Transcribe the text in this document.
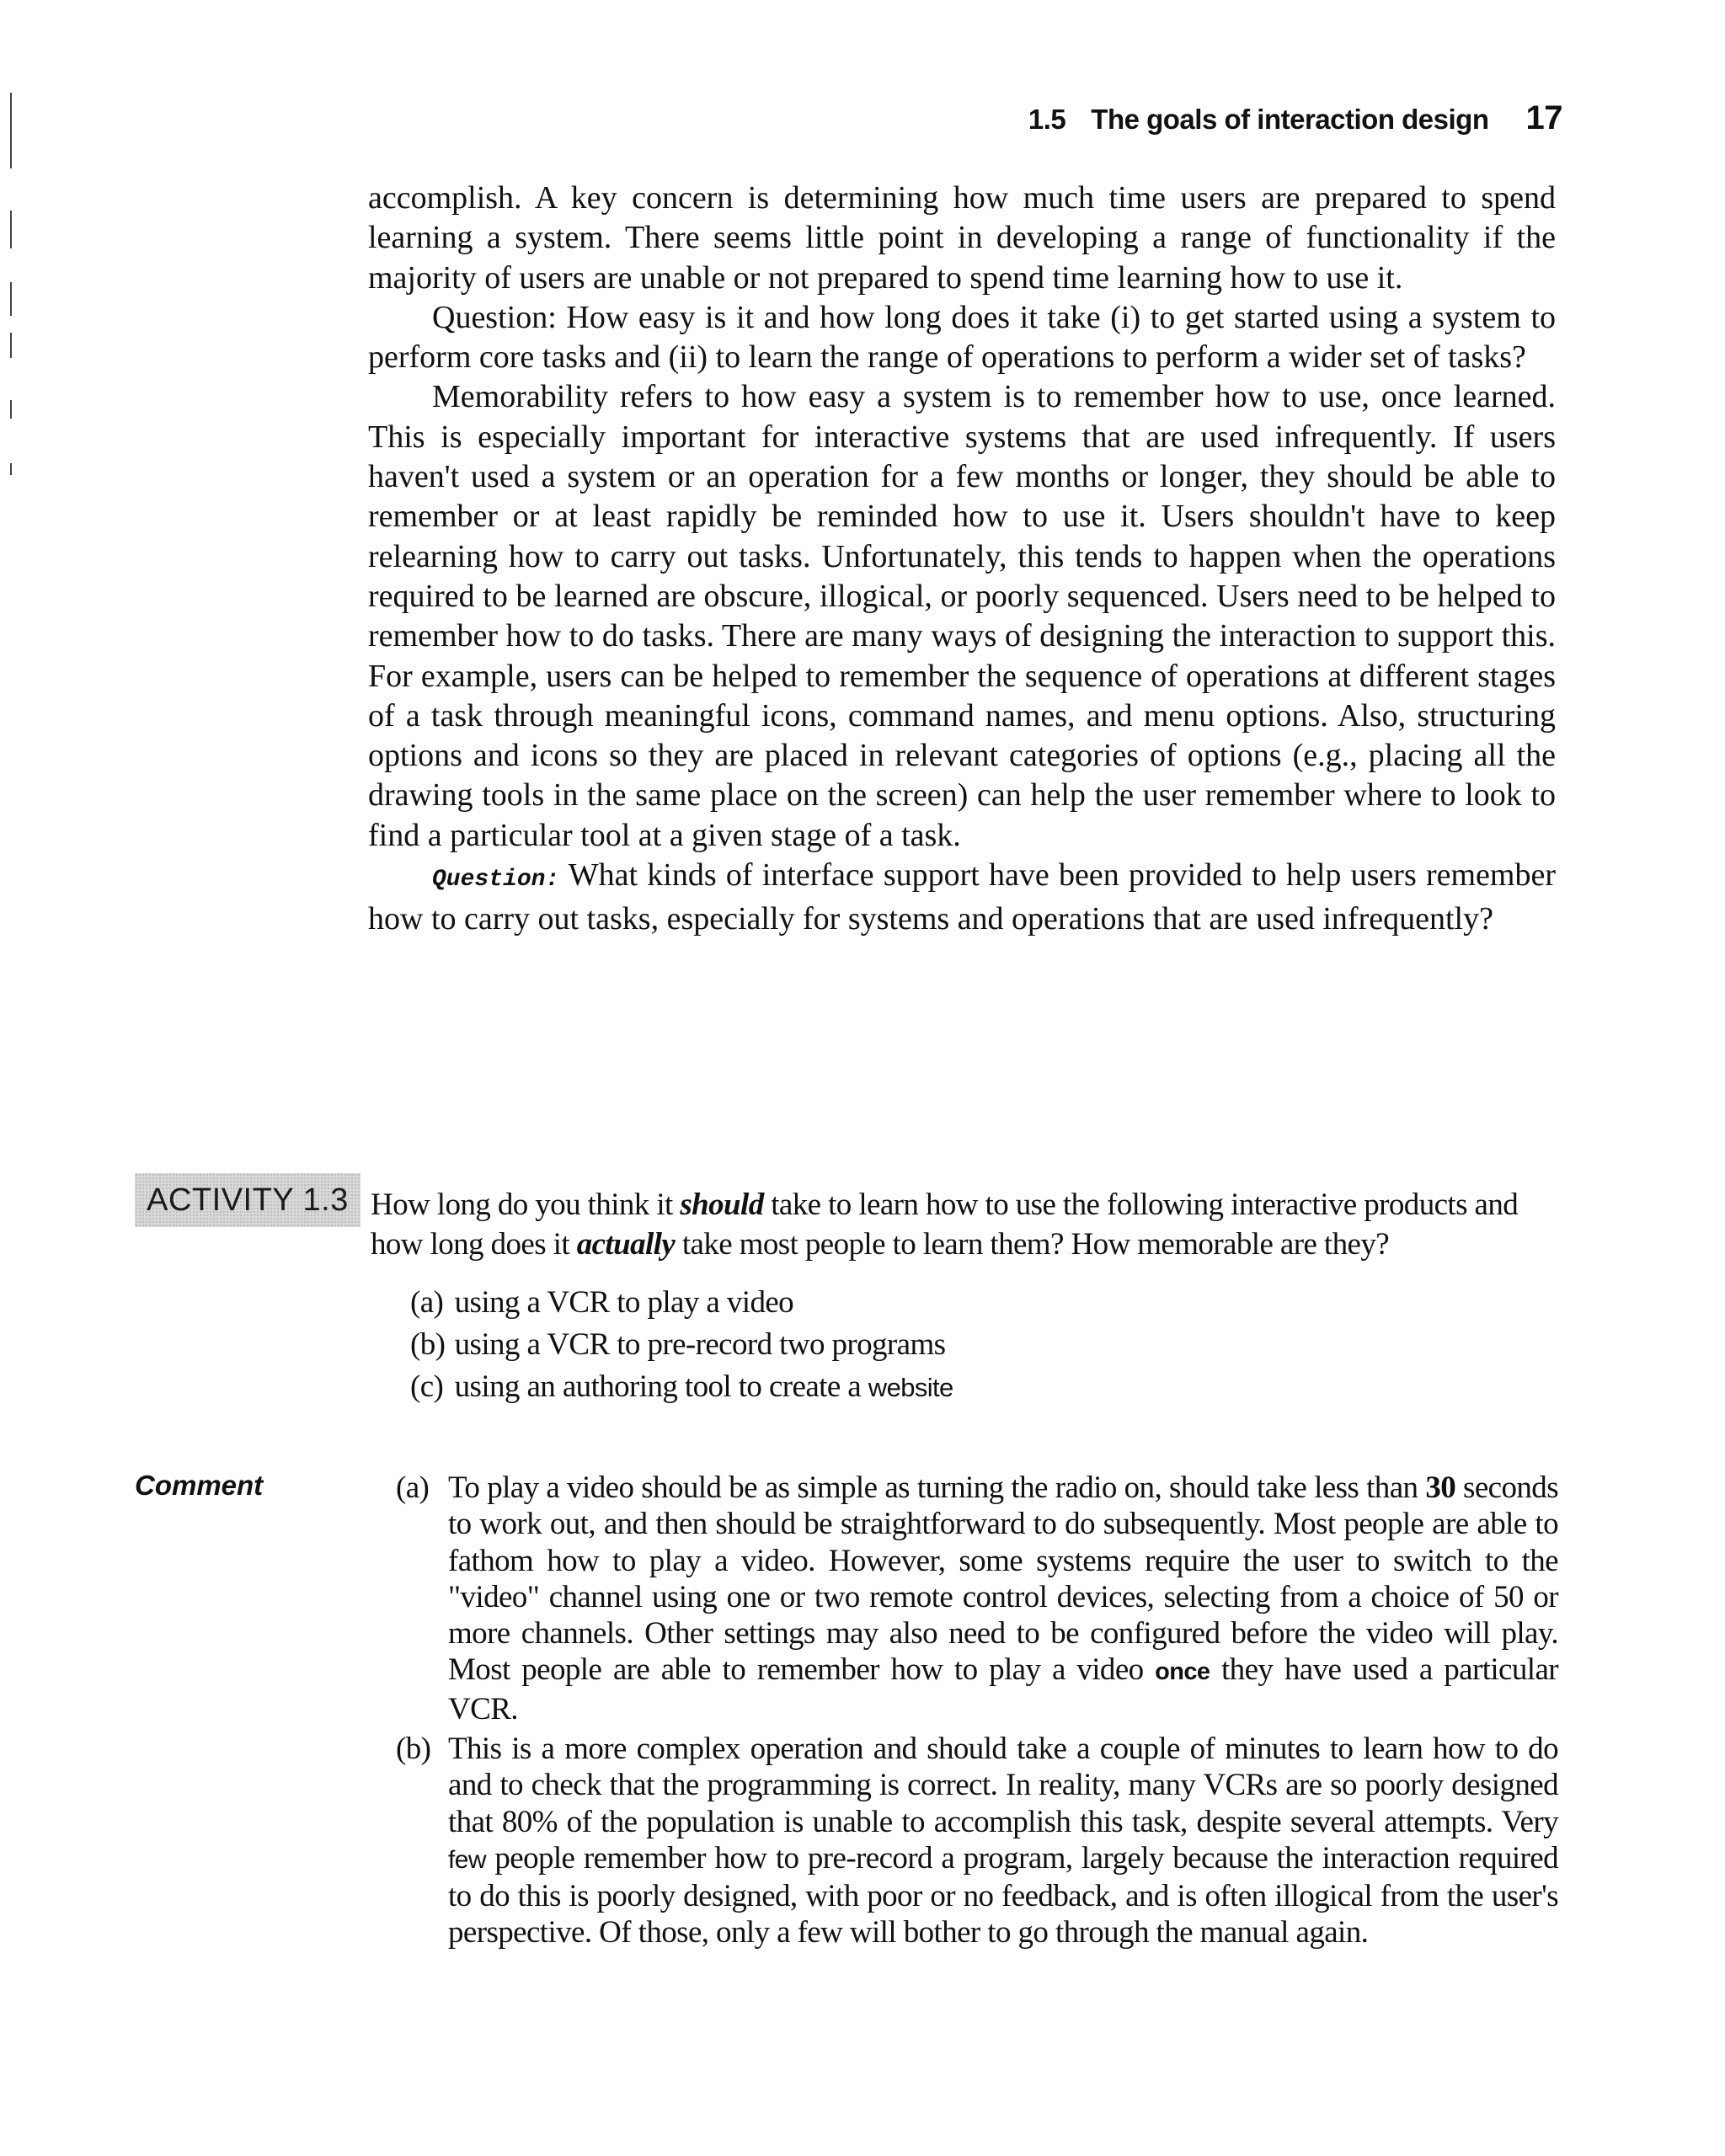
1.5 The goals of interaction design 17

accomplish. A key concern is determining how much time users are prepared to spend learning a system. There seems little point in developing a range of functionality if the majority of users are unable or not prepared to spend time learning how to use it.

Question: How easy is it and how long does it take (i) to get started using a system to perform core tasks and (ii) to learn the range of operations to perform a wider set of tasks?

Memorability refers to how easy a system is to remember how to use, once learned. This is especially important for interactive systems that are used infrequently. If users haven't used a system or an operation for a few months or longer, they should be able to remember or at least rapidly be reminded how to use it. Users shouldn't have to keep relearning how to carry out tasks. Unfortunately, this tends to happen when the operations required to be learned are obscure, illogical, or poorly sequenced. Users need to be helped to remember how to do tasks. There are many ways of designing the interaction to support this. For example, users can be helped to remember the sequence of operations at different stages of a task through meaningful icons, command names, and menu options. Also, structuring options and icons so they are placed in relevant categories of options (e.g., placing all the drawing tools in the same place on the screen) can help the user remember where to look to find a particular tool at a given stage of a task.

Question: What kinds of interface support have been provided to help users remember how to carry out tasks, especially for systems and operations that are used infrequently?

ACTIVITY 1.3 How long do you think it should take to learn how to use the following interactive products and how long does it actually take most people to learn them? How memorable are they?
(a) using a VCR to play a video
(b) using a VCR to pre-record two programs
(c) using an authoring tool to create a website
Comment	(a) To play a video should be as simple as turning the radio on, should take less than 30 seconds to work out, and then should be straightforward to do subsequently. Most people are able to fathom how to play a video. However, some systems require the user to switch to the "video" channel using one or two remote control devices, selecting from a choice of 50 or more channels. Other settings may also need to be configured before the video will play. Most people are able to remember how to play a video once they have used a particular VCR.
(b) This is a more complex operation and should take a couple of minutes to learn how to do and to check that the programming is correct. In reality, many VCRs are so poorly designed that 80% of the population is unable to accomplish this task, despite several attempts. Very few people remember how to pre-record a program, largely because the interaction required to do this is poorly designed, with poor or no feedback, and is often illogical from the user's perspective. Of those, only a few will bother to go through the manual again.
